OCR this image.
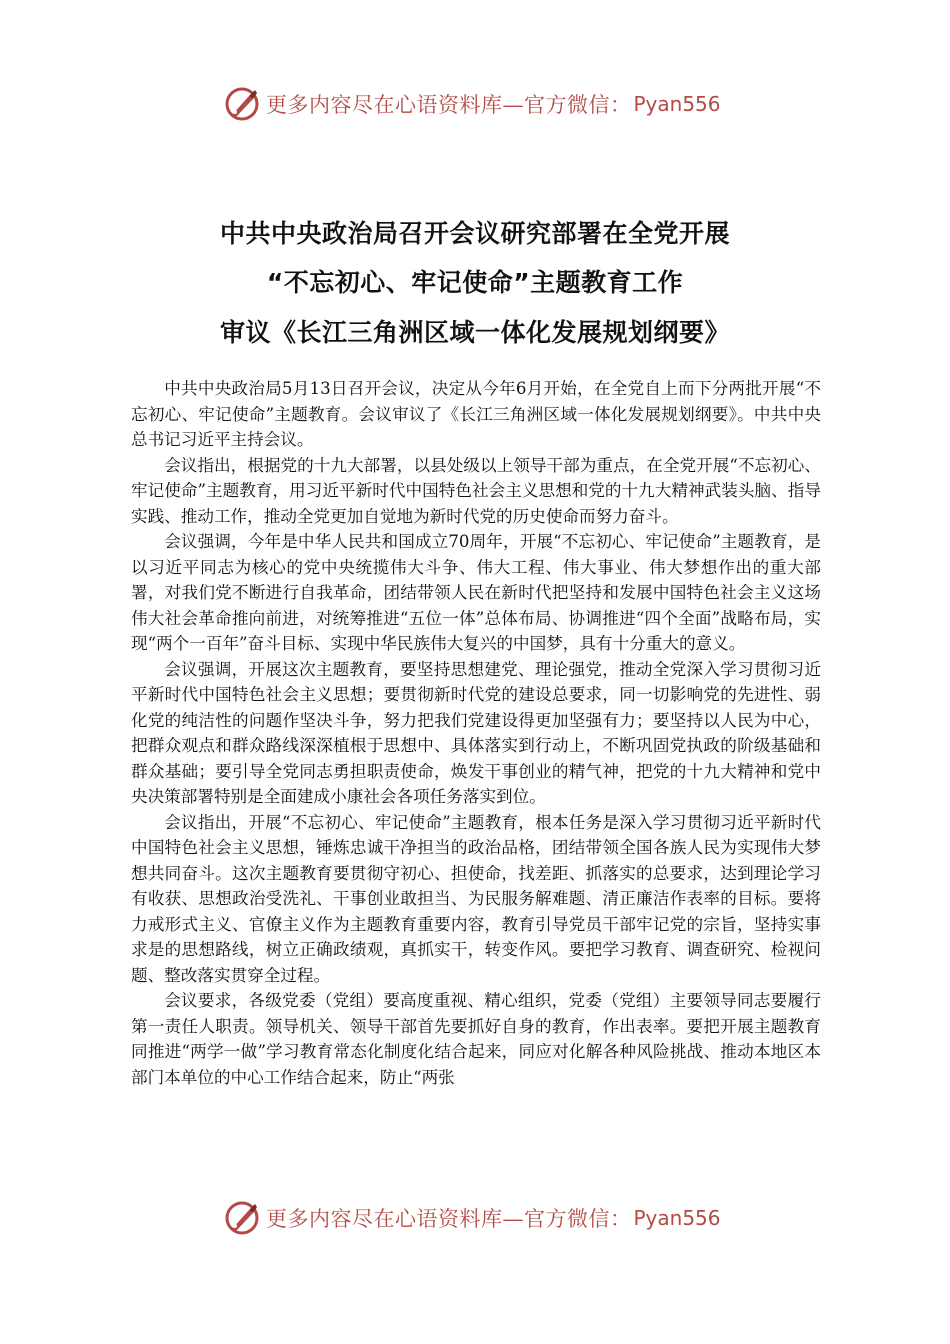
更多内容尽在心语资料库—官方微信： Pyan556
中共中央政治局召开会议研究部署在全党开展
“不忘初心、牢记使命”主题教育工作
审议《长江三角洲区域一体化发展规划纲要》

中共中央政治局5月13日召开会议，决定从今年6月开始，在全党自上而下分两批开展“不忘初心、牢记使命”主题教育。会议审议了《长江三角洲区域一体化发展规划纲要》。中共中央总书记习近平主持会议。

会议指出，根据党的十九大部署，以县处级以上领导干部为重点，在全党开展“不忘初心、牢记使命”主题教育，用习近平新时代中国特色社会主义思想和党的十九大精神武装头脑、指导实践、推动工作，推动全党更加自觉地为新时代党的历史使命而努力奋斗。

会议强调，今年是中华人民共和国成立70周年，开展“不忘初心、牢记使命”主题教育，是以习近平同志为核心的党中央统揽伟大斗争、伟大工程、伟大事业、伟大梦想作出的重大部署，对我们党不断进行自我革命，团结带领人民在新时代把坚持和发展中国特色社会主义这场伟大社会革命推向前进，对统筹推进“五位一体”总体布局、协调推进“四个全面”战略布局，实现“两个一百年”奋斗目标、实现中华民族伟大复兴的中国梦，具有十分重大的意义。

会议强调，开展这次主题教育，要坚持思想建党、理论强党，推动全党深入学习贯彻习近平新时代中国特色社会主义思想；要贯彻新时代党的建设总要求，同一切影响党的先进性、弱化党的纯洁性的问题作坚决斗争，努力把我们党建设得更加坚强有力；要坚持以人民为中心，把群众观点和群众路线深深植根于思想中、具体落实到行动上，不断巩固党执政的阶级基础和群众基础；要引导全党同志勇担职责使命，焕发干事创业的精气神，把党的十九大精神和党中央决策部署特别是全面建成小康社会各项任务落实到位。

会议指出，开展“不忘初心、牢记使命”主题教育，根本任务是深入学习贯彻习近平新时代中国特色社会主义思想，锤炼忠诚干净担当的政治品格，团结带领全国各族人民为实现伟大梦想共同奋斗。这次主题教育要贯彻守初心、担使命，找差距、抓落实的总要求，达到理论学习有收获、思想政治受洗礼、干事创业敢担当、为民服务解难题、清正廉洁作表率的目标。要将力戒形式主义、官僚主义作为主题教育重要内容，教育引导党员干部牢记党的宗旨，坚持实事求是的思想路线，树立正确政绩观，真抓实干，转变作风。要把学习教育、调查研究、检视问题、整改落实贯穿全过程。

会议要求，各级党委（党组）要高度重视、精心组织，党委（党组）主要领导同志要履行第一责任人职责。领导机关、领导干部首先要抓好自身的教育，作出表率。要把开展主题教育同推进“两学一做”学习教育常态化制度化结合起来，同应对化解各种风险挑战、推动本地区本部门本单位的中心工作结合起来，防止“两张

更多内容尽在心语资料库—官方微信： Pyan556
